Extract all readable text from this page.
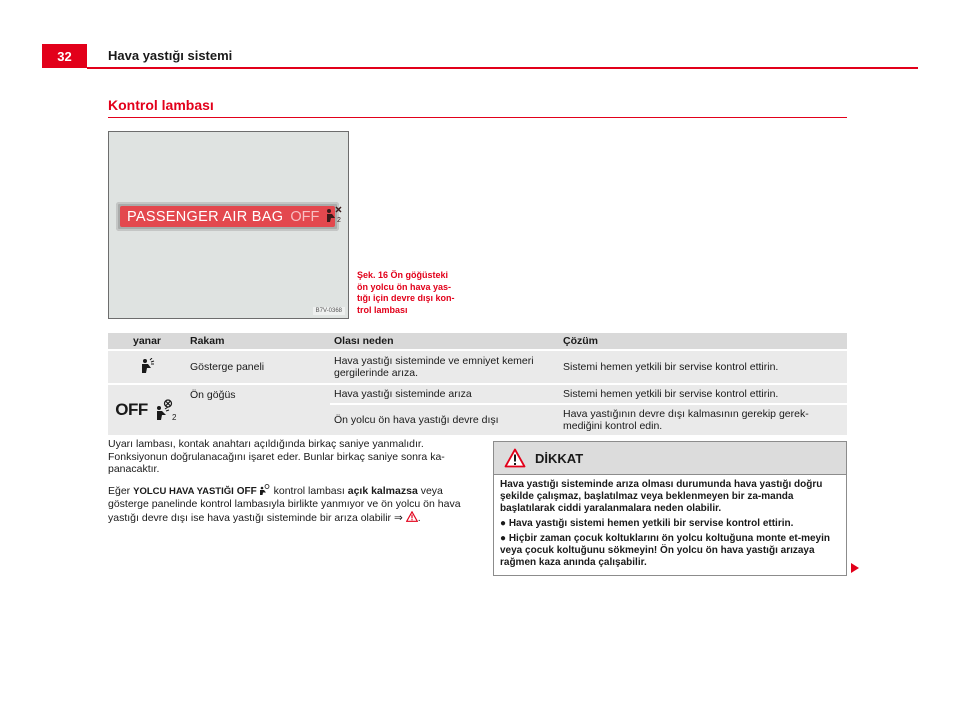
32	Hava yastığı sistemi
Kontrol lambası
PASSENGER AIR BAG OFF	2
B7V-0368
Şek. 16 Ön göğüsteki
ön yolcu ön hava yas-
tığı için devre dışı kon-
trol lambası
yanar	Rakam	Olası neden	Çözüm
	Gösterge paneli	Hava yastığı sisteminde ve emniyet kemeri gergilerinde arıza.	Sistemi hemen yetkili bir servise kontrol ettirin.
OFF 2	Ön göğüs	Hava yastığı sisteminde arıza	Sistemi hemen yetkili bir servise kontrol ettirin.
		Ön yolcu ön hava yastığı devre dışı	Hava yastığının devre dışı kalmasının gerekip gerek-
mediğini kontrol edin.

Uyarı lambası, kontak anahtarı açıldığında birkaç saniye yanmalıdır. Fonksiyonun doğrulanacağını işaret eder. Bunlar birkaç saniye sonra ka-panacaktır.

Eğer YOLCU HAVA YASTIĞI OFF kontrol lambası açık kalmazsa veya gösterge panelinde kontrol lambasıyla birlikte yanmıyor ve ön yolcu ön hava yastığı devre dışı ise hava yastığı sisteminde bir arıza olabilir ⇒ .

DİKKAT

Hava yastığı sisteminde arıza olması durumunda hava yastığı doğru şekilde çalışmaz, başlatılmaz veya beklenmeyen bir za-manda başlatılarak ciddi yaralanmalara neden olabilir.

● Hava yastığı sistemi hemen yetkili bir servise kontrol ettirin.

● Hiçbir zaman çocuk koltuklarını ön yolcu koltuğuna monte et-meyin veya çocuk koltuğunu sökmeyin! Ön yolcu ön hava yastığı arızaya rağmen kaza anında çalışabilir.
